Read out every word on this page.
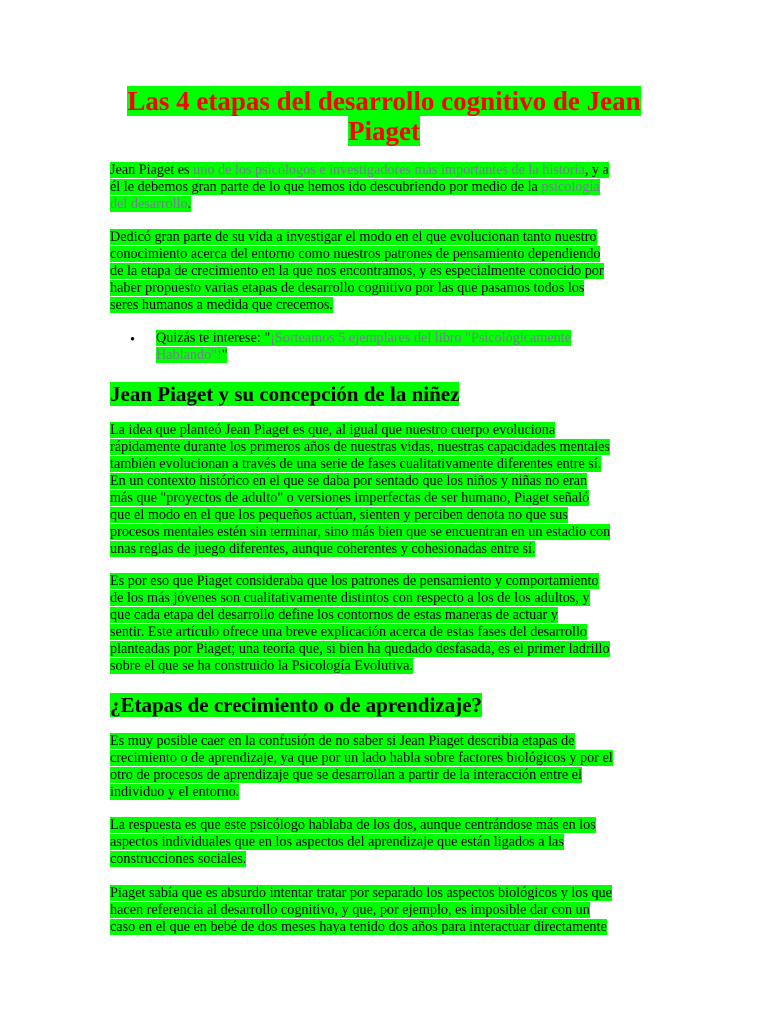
Las 4 etapas del desarrollo cognitivo de Jean
Piaget
Jean Piaget es uno de los psicólogos e investigadores más importantes de la historia, y a
él le debemos gran parte de lo que hemos ido descubriendo por medio de la psicología
del desarrollo.
Dedicó gran parte de su vida a investigar el modo en el que evolucionan tanto nuestro
conocimiento acerca del entorno como nuestros patrones de pensamiento dependiendo
de la etapa de crecimiento en la que nos encontramos, y es especialmente conocido por
haber propuesto varias etapas de desarrollo cognitivo por las que pasamos todos los
seres humanos a medida que crecemos.
• Quizás te interese: "¡Sorteamos 5 ejemplares del libro "Psicológicamente
Hablando"!"
Jean Piaget y su concepción de la niñez
La idea que planteó Jean Piaget es que, al igual que nuestro cuerpo evoluciona
rápidamente durante los primeros años de nuestras vidas, nuestras capacidades mentales
también evolucionan a través de una serie de fases cualitativamente diferentes entre sí.
En un contexto histórico en el que se daba por sentado que los niños y niñas no eran
más que "proyectos de adulto" o versiones imperfectas de ser humano, Piaget señaló
que el modo en el que los pequeños actúan, sienten y perciben denota no que sus
procesos mentales estén sin terminar, sino más bien que se encuentran en un estadio con
unas reglas de juego diferentes, aunque coherentes y cohesionadas entre sí.
Es por eso que Piaget consideraba que los patrones de pensamiento y comportamiento
de los más jóvenes son cualitativamente distintos con respecto a los de los adultos, y
que cada etapa del desarrollo define los contornos de estas maneras de actuar y
sentir. Este artículo ofrece una breve explicación acerca de estas fases del desarrollo
planteadas por Piaget; una teoría que, si bien ha quedado desfasada, es el primer ladrillo
sobre el que se ha construido la Psicología Evolutiva.
¿Etapas de crecimiento o de aprendizaje?
Es muy posible caer en la confusión de no saber si Jean Piaget describía etapas de
crecimiento o de aprendizaje, ya que por un lado habla sobre factores biológicos y por el
otro de procesos de aprendizaje que se desarrollan a partir de la interacción entre el
individuo y el entorno.
La respuesta es que este psicólogo hablaba de los dos, aunque centrándose más en los
aspectos individuales que en los aspectos del aprendizaje que están ligados a las
construcciones sociales.
Piaget sabía que es absurdo intentar tratar por separado los aspectos biológicos y los que
hacen referencia al desarrollo cognitivo, y que, por ejemplo, es imposible dar con un
caso en el que en bebé de dos meses haya tenido dos años para interactuar directamente
